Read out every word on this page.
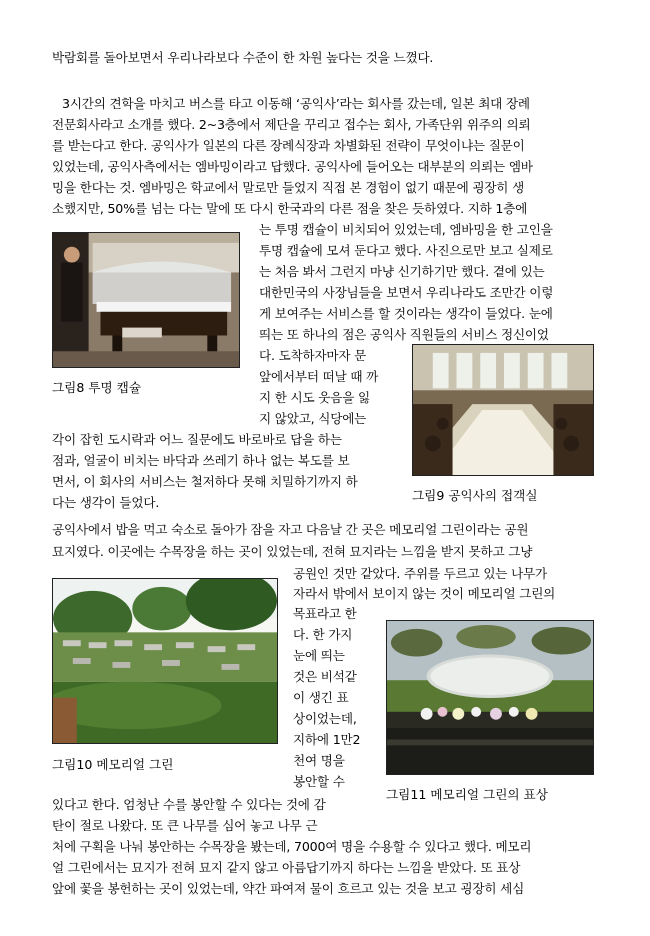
박람회를 돌아보면서 우리나라보다 수준이 한 차원 높다는 것을 느꼈다.
3시간의 견학을 마치고 버스를 타고 이동해 ‘공익사’라는 회사를 갔는데, 일본 최대 장례
전문회사라고 소개를 했다. 2~3층에서 제단을 꾸리고 접수는 회사, 가족단위 위주의 의뢰
를 받는다고 한다. 공익사가 일본의 다른 장례식장과 차별화된 전략이 무엇이냐는 질문이
있었는데, 공익사측에서는 엠바밍이라고 답했다. 공익사에 들어오는 대부분의 의뢰는 엠바
밍을 한다는 것. 엠바밍은 학교에서 말로만 들었지 직접 본 경험이 없기 때문에 굉장히 생
소했지만, 50%를 넘는 다는 말에 또 다시 한국과의 다른 점을 찾은 듯하였다. 지하 1층에
는 투명 캡슐이 비치되어 있었는데, 엠바밍을 한 고인을
투명 캡슐에 모셔 둔다고 했다. 사진으로만 보고 실제로
는 처음 봐서 그런지 마냥 신기하기만 했다. 곁에 있는
대한민국의 사장님들을 보면서 우리나라도 조만간 이렇
게 보여주는 서비스를 할 것이라는 생각이 들었다. 눈에
띄는 또 하나의 점은 공익사 직원들의 서비스 정신이었
다. 도착하자마자 문
앞에서부터 떠날 때 까
지 한 시도 웃음을 잃
지 않았고, 식당에는
각이 잡힌 도시락과 어느 질문에도 바로바로 답을 하는
점과, 얼굴이 비치는 바닥과 쓰레기 하나 없는 복도를 보
면서, 이 회사의 서비스는 철저하다 못해 치밀하기까지 하
다는 생각이 들었다.
그림8 투명 캡슐
그림9 공익사의 접객실
공익사에서 밥을 먹고 숙소로 돌아가 잠을 자고 다음날 간 곳은 메모리얼 그린이라는 공원
묘지였다. 이곳에는 수목장을 하는 곳이 있었는데, 전혀 묘지라는 느낌을 받지 못하고 그냥
공원인 것만 같았다. 주위를 두르고 있는 나무가
자라서 밖에서 보이지 않는 것이 메모리얼 그린의
목표라고 한
다. 한 가지
눈에 띄는
것은 비석같
이 생긴 표
상이었는데,
지하에 1만2
천여 명을
봉안할 수
있다고 한다. 엄청난 수를 봉안할 수 있다는 것에 감
탄이 절로 나왔다. 또 큰 나무를 심어 놓고 나무 근
처에 구획을 나눠 봉안하는 수목장을 봤는데, 7000여 명을 수용할 수 있다고 했다. 메모리
얼 그린에서는 묘지가 전혀 묘지 같지 않고 아름답기까지 하다는 느낌을 받았다. 또 표상
앞에 꽃을 봉헌하는 곳이 있었는데, 약간 파여져 물이 흐르고 있는 것을 보고 굉장히 세심
그림10 메모리얼 그린
그림11 메모리얼 그린의 표상
